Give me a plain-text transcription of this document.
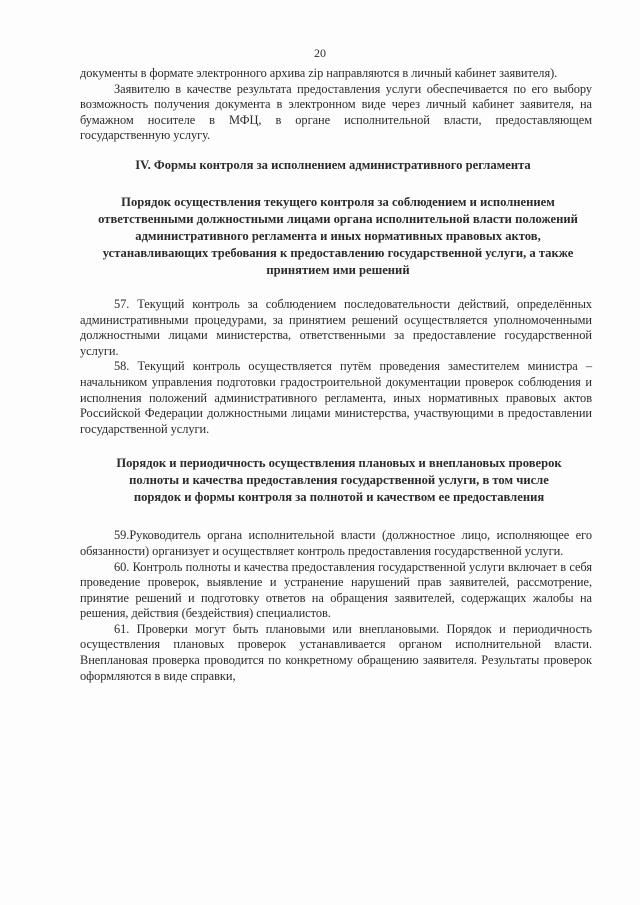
20

документы в формате электронного архива zip направляются в личный кабинет заявителя).

Заявителю в качестве результата предоставления услуги обеспечивается по его выбору возможность получения документа в электронном виде через личный кабинет заявителя, на бумажном носителе в МФЦ, в органе исполнительной власти, предоставляющем государственную услугу.

IV. Формы контроля за исполнением административного регламента

Порядок осуществления текущего контроля за соблюдением и исполнением ответственными должностными лицами органа исполнительной власти положений административного регламента и иных нормативных правовых актов, устанавливающих требования к предоставлению государственной услуги, а также принятием ими решений

57. Текущий контроль за соблюдением последовательности действий, определённых административными процедурами, за принятием решений осуществляется уполномоченными должностными лицами министерства, ответственными за предоставление государственной услуги.

58. Текущий контроль осуществляется путём проведения заместителем министра – начальником управления подготовки градостроительной документации проверок соблюдения и исполнения положений административного регламента, иных нормативных правовых актов Российской Федерации должностными лицами министерства, участвующими в предоставлении государственной услуги.

Порядок и периодичность осуществления плановых и внеплановых проверок полноты и качества предоставления государственной услуги, в том числе порядок и формы контроля за полнотой и качеством ее предоставления

59.Руководитель органа исполнительной власти (должностное лицо, исполняющее его обязанности) организует и осуществляет контроль предоставления государственной услуги.

60. Контроль полноты и качества предоставления государственной услуги включает в себя проведение проверок, выявление и устранение нарушений прав заявителей, рассмотрение, принятие решений и подготовку ответов на обращения заявителей, содержащих жалобы на решения, действия (бездействия) специалистов.

61. Проверки могут быть плановыми или внеплановыми. Порядок и периодичность осуществления плановых проверок устанавливается органом исполнительной власти. Внеплановая проверка проводится по конкретному обращению заявителя. Результаты проверок оформляются в виде справки,
